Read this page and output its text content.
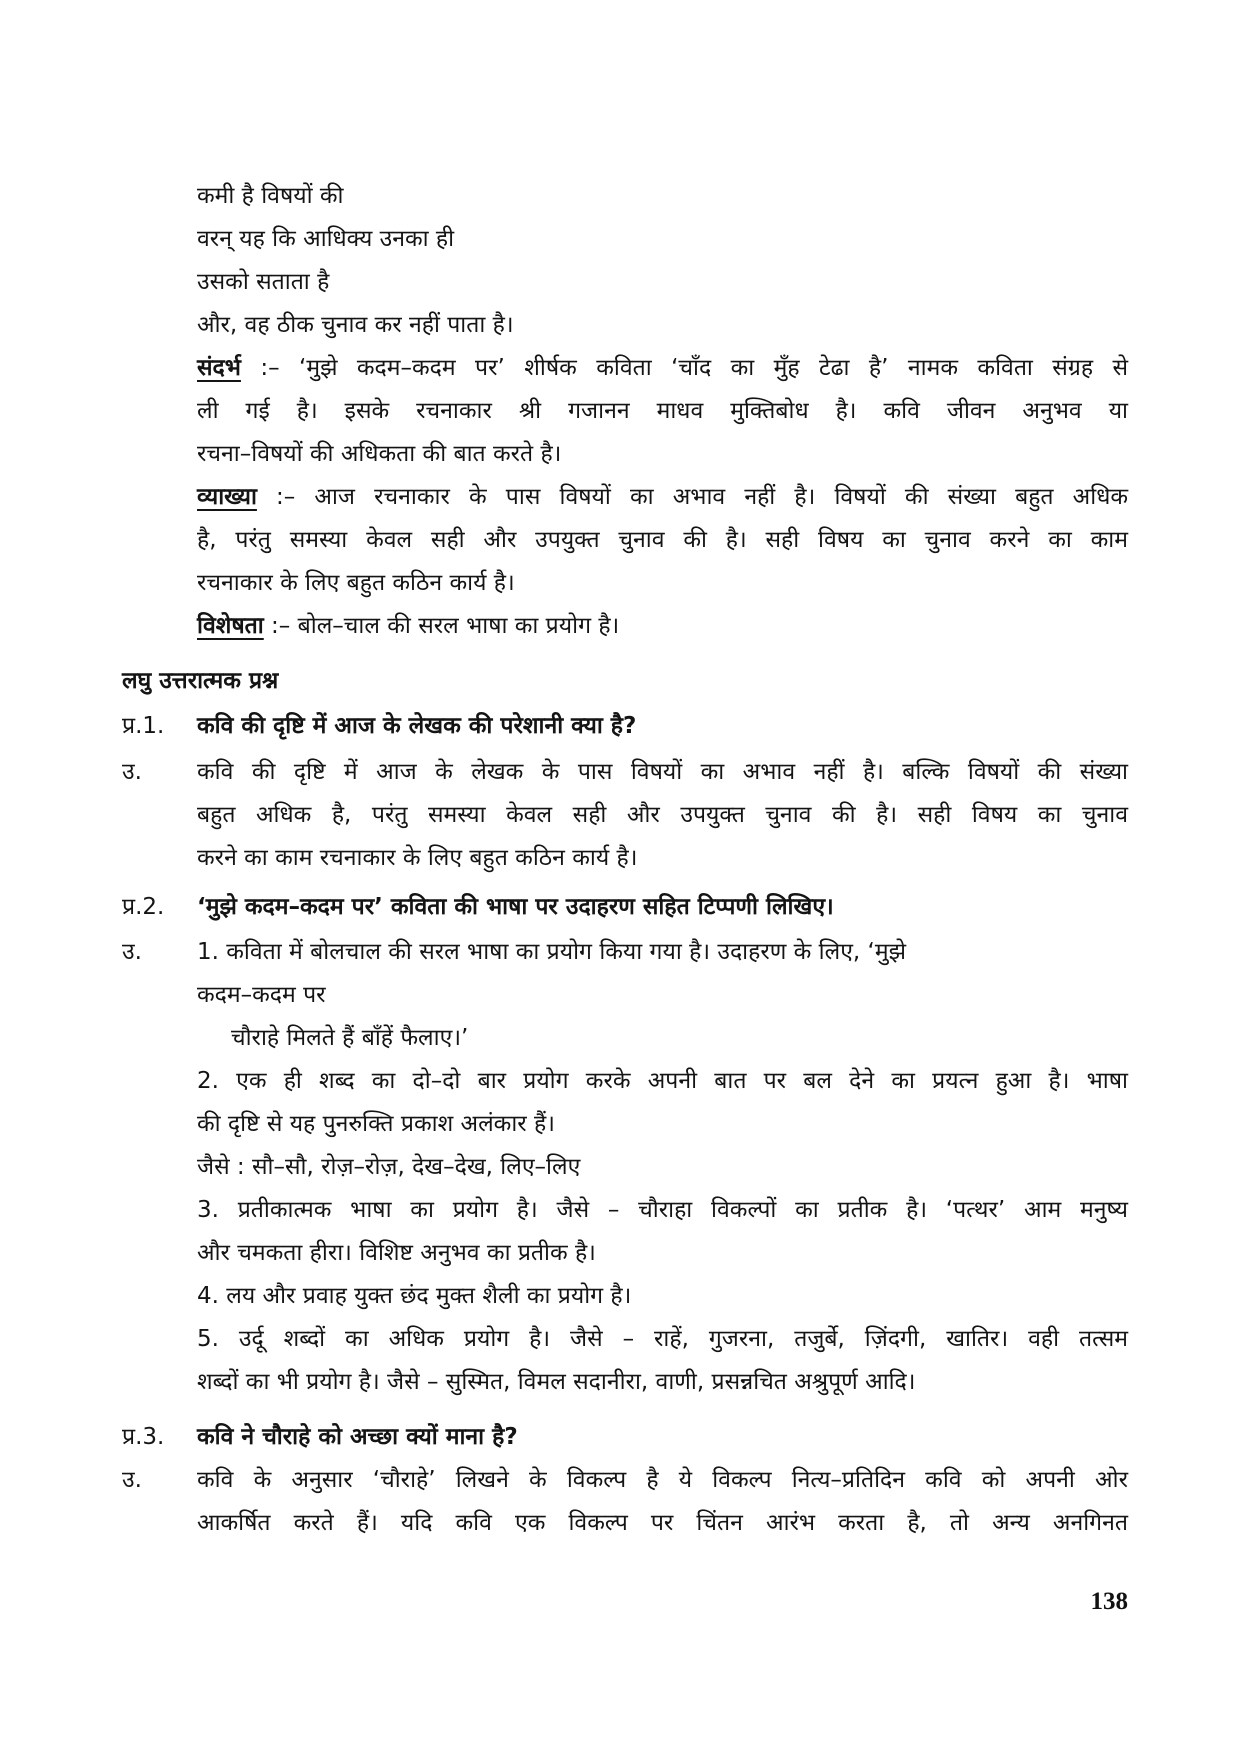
कमी है विषयों की
वरन् यह कि आधिक्य उनका ही
उसको सताता है
और, वह ठीक चुनाव कर नहीं पाता है।
संदर्भ :– ‘मुझे कदम–कदम पर’ शीर्षक कविता ‘चाँद का मुँह टेढा है’ नामक कविता संग्रह से
ली गई है। इसके रचनाकार श्री गजानन माधव मुक्तिबोध है। कवि जीवन अनुभव या
रचना–विषयों की अधिकता की बात करते है।
व्याख्या :– आज रचनाकार के पास विषयों का अभाव नहीं है। विषयों की संख्या बहुत अधिक
है, परंतु समस्या केवल सही और उपयुक्त चुनाव की है। सही विषय का चुनाव करने का काम
रचनाकार के लिए बहुत कठिन कार्य है।
विशेषता :– बोल–चाल की सरल भाषा का प्रयोग है।
लघु उत्तरात्मक प्रश्न
प्र.1.	कवि की दृष्टि में आज के लेखक की परेशानी क्या है?
उ.	कवि की दृष्टि में आज के लेखक के पास विषयों का अभाव नहीं है। बल्कि विषयों की संख्या
बहुत अधिक है, परंतु समस्या केवल सही और उपयुक्त चुनाव की है। सही विषय का चुनाव
करने का काम रचनाकार के लिए बहुत कठिन कार्य है।
प्र.2.	‘मुझे कदम–कदम पर’ कविता की भाषा पर उदाहरण सहित टिप्पणी लिखिए।
उ.	1. कविता में बोलचाल की सरल भाषा का प्रयोग किया गया है। उदाहरण के लिए, ‘मुझे
कदम–कदम पर
चौराहे मिलते हैं बाँहें फैलाए।’
2. एक ही शब्द का दो–दो बार प्रयोग करके अपनी बात पर बल देने का प्रयत्न हुआ है। भाषा
की दृष्टि से यह पुनरुक्ति प्रकाश अलंकार हैं।
जैसे : सौ–सौ, रोज़–रोज़, देख–देख, लिए–लिए
3. प्रतीकात्मक भाषा का प्रयोग है। जैसे – चौराहा विकल्पों का प्रतीक है। ‘पत्थर’ आम मनुष्य
और चमकता हीरा। विशिष्ट अनुभव का प्रतीक है।
4. लय और प्रवाह युक्त छंद मुक्त शैली का प्रयोग है।
5. उर्दू शब्दों का अधिक प्रयोग है। जैसे – राहें, गुजरना, तजुर्बे, ज़िंदगी, खातिर। वही तत्सम
शब्दों का भी प्रयोग है। जैसे – सुस्मित, विमल सदानीरा, वाणी, प्रसन्नचित अश्रुपूर्ण आदि।
प्र.3.	कवि ने चौराहे को अच्छा क्यों माना है?
उ.	कवि के अनुसार ‘चौराहे’ लिखने के विकल्प है ये विकल्प नित्य–प्रतिदिन कवि को अपनी ओर
आकर्षित करते हैं। यदि कवि एक विकल्प पर चिंतन आरंभ करता है, तो अन्य अनगिनत
138
